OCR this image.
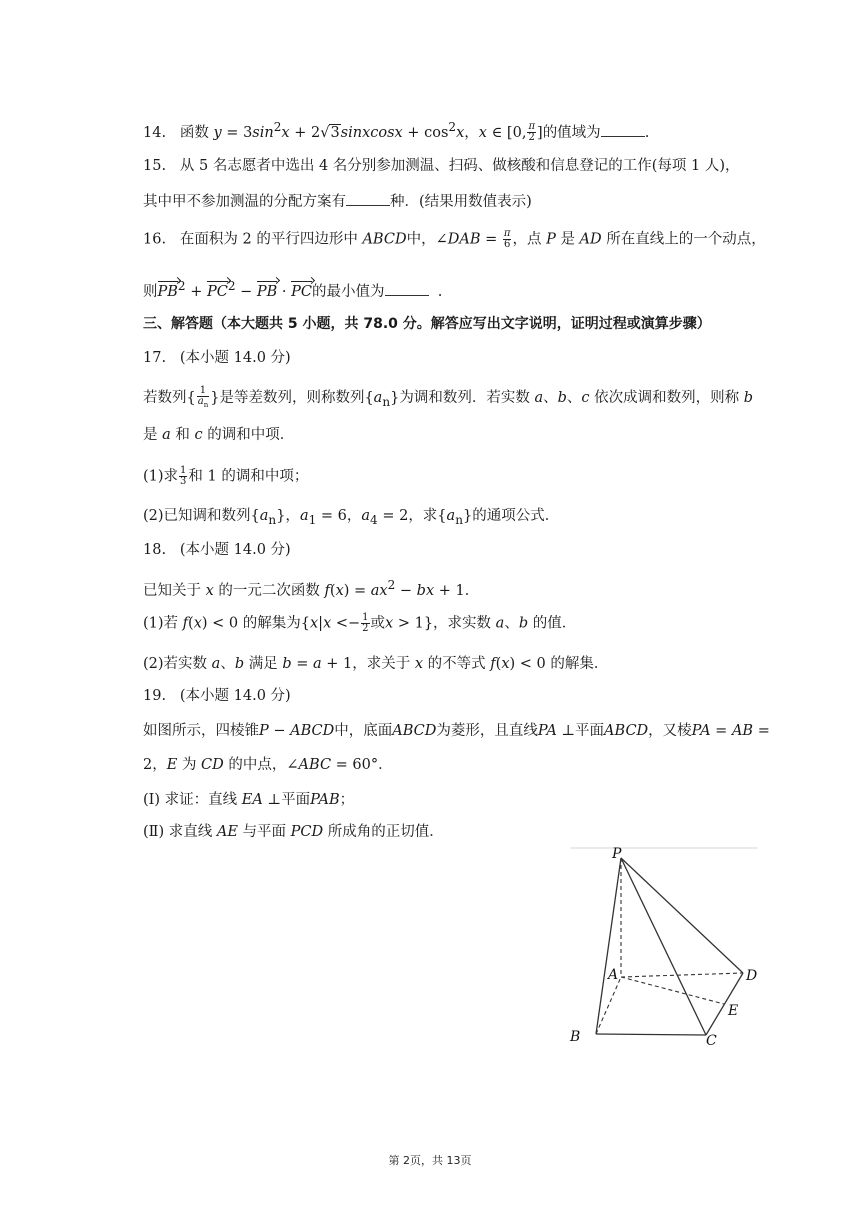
14. 函数 $y = 3\sin^2x$ + 2√3sinxcosx + $\cos^2x$，x ∈ [0, $\frac{\pi}{2}$ ]的值域为	.
15. 从 5 名志愿者中选出 4 名分别参加测温、扫码、做核酸和信息登记的工作(每项 1 人)，
其中甲不参加测温的分配方案有	种．(结果用数值表示)
16. 在面积为 2 的平行四边形中 ABCD中，∠DAB = $\frac{\pi}{6}$ ，点 P 是 AD 所在直线上的一个动点，
则$PB^2 + PC^2$ − PB · PC的最小值为	.
三、解答题（本大题共 5 小题，共 78.0 分。解答应写出文字说明，证明过程或演算步骤）
17. (本小题 14.0 分)
若数列{ $\frac{1}{a_n}$ }是等差数列，则称数列$\{a_n\}$为调和数列．若实数 a、b、c 依次成调和数列，则称 b
是 a 和 c 的调和中项．
(1)求 $\frac{1}{3}$ 和 1 的调和中项；
(2)已知调和数列$\{a_n\}$，$a_1 = 6$，$a_4 = 2$，求$\{a_n\}$的通项公式．
18. (本小题 14.0 分)
已知关于 x 的一元二次函数 $f(x) = ax^2$ − bx + 1．
(1)若 f(x) < 0 的解集为{$x|x <- \frac{1}{2}$ 或x > 1}，求实数 a、b 的值．
(2)若实数 a、b 满足 b = a + 1，求关于 x 的不等式 f(x) < 0 的解集．
19. (本小题 14.0 分)
如图所示，四棱锥P − ABCD中，底面ABCD为菱形，且直线PA ⊥平面ABCD，又棱PA = AB =
2，E 为 CD 的中点，∠ABC = 60°．
(Ⅰ) 求证：直线 EA ⊥平面PAB；
(Ⅱ) 求直线 AE 与平面 PCD 所成角的正切值．
P
A
B	C
D
E
第 2页，共 13页
